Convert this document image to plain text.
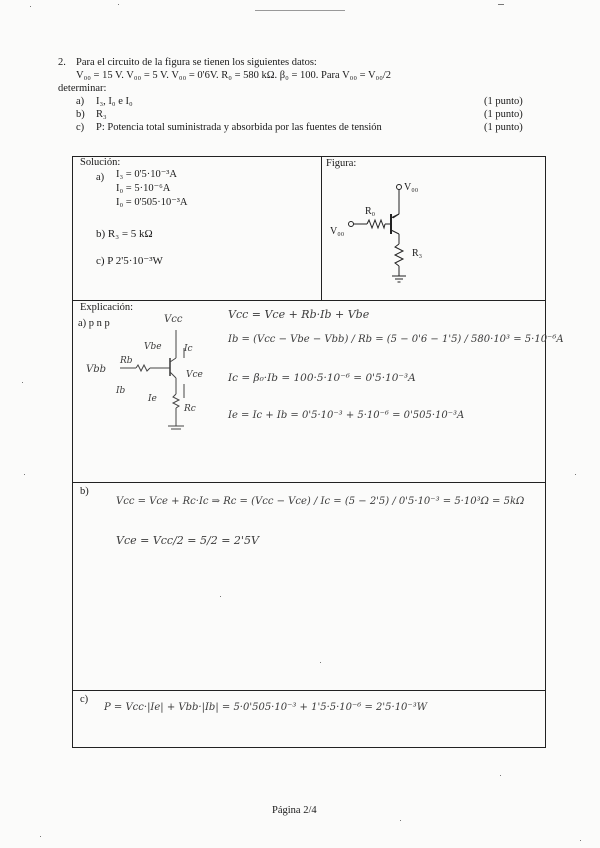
2. Para el circuito de la figura se tienen los siguientes datos:
V₀₀ = 15 V. V₀₀ = 5 V. V₀₀ = 0'6V. R₀ = 580 kΩ. β₀ = 100. Para V₀₀ = V₀₀/2
determinar:
a) I₃, I₀ e I₀	(1 punto)
b) R₃	(1 punto)
c) P: Potencia total suministrada y absorbida por las fuentes de tensión	(1 punto)
Solución:
a) I₃ = 0'5·10⁻³A
I₀ = 5·10⁻⁶A
I₀ = 0'505·10⁻³A
b) R₃ = 5 kΩ
c) P 2'5·10⁻³W
Figura:
V₀₀
R₀
V₀₀
R₃
Explicación:
a) p n p	Vcc
Vbe Ic
Vce
Rb
Vbb
Ib
Ie
Rc
Vcc = Vce + Rb·Ib + Vbe
Ib = (Vcc − Vbe − Vbb) / Rb = (5 − 0'6 − 1'5) / 580·10³ = 5·10⁻⁶A
Ic = β₀·Ib = 100·5·10⁻⁶ = 0'5·10⁻³A
Ie = Ic + Ib = 0'5·10⁻³ + 5·10⁻⁶ = 0'505·10⁻³A
b)
Vcc = Vce + Rc·Ic ⇒ Rc = (Vcc − Vce) / Ic = (5 − 2'5) / 0'5·10⁻³ = 5·10³Ω = 5kΩ
Vce = Vcc/2 = 5/2 = 2'5V
c)
P = Vcc·|Ie| + Vbb·|Ib| = 5·0'505·10⁻³ + 1'5·5·10⁻⁶ = 2'5·10⁻³W
Página 2/4
